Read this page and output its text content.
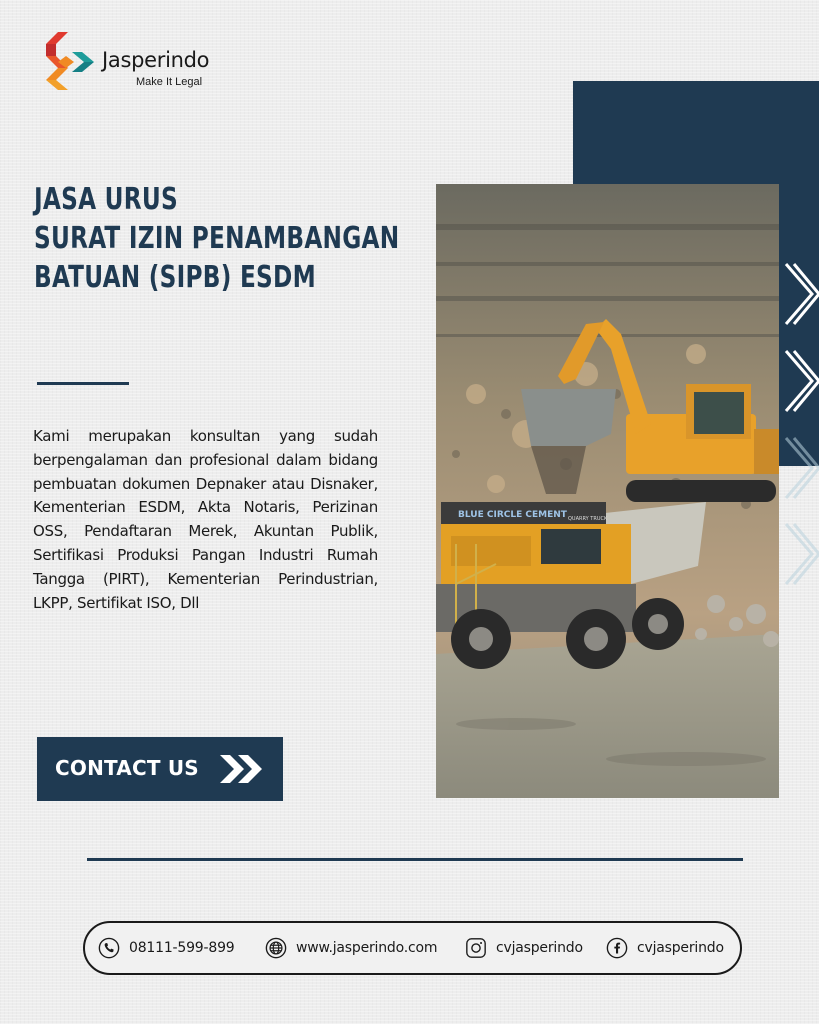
Jasperindo
Make It Legal
JASA URUS
SURAT IZIN PENAMBANGAN
BATUAN (SIPB) ESDM

Kami merupakan konsultan yang sudah berpengalaman dan profesional dalam bidang pembuatan dokumen Depnaker atau Disnaker, Kementerian ESDM, Akta Notaris, Perizinan OSS, Pendaftaran Merek, Akuntan Publik, Sertifikasi Produksi Pangan Industri Rumah Tangga (PIRT), Kementerian Perindustrian, LKPP, Sertifikat ISO, Dll

BLUE CIRCLE CEMENT QUARRY TRUCK
CONTACT US
08111-599-899	www.jasperindo.com	cvjasperindo	cvjasperindo
